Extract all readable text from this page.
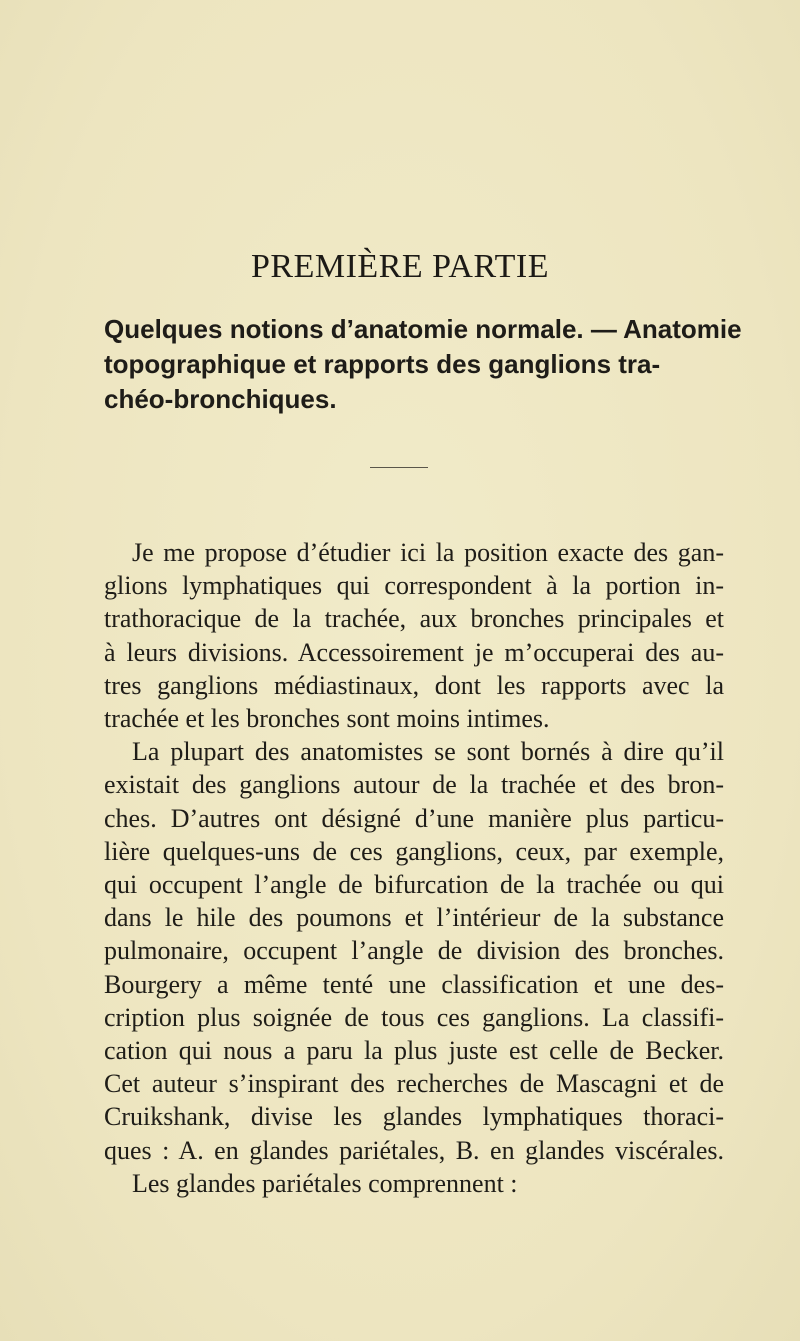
PREMIÈRE PARTIE
Quelques notions d’anatomie normale. — Anatomie
topographique et rapports des ganglions tra-
chéo-bronchiques.
Je me propose d’étudier ici la position exacte des gan-
glions lymphatiques qui correspondent à la portion in-
trathoracique de la trachée, aux bronches principales et
à leurs divisions. Accessoirement je m’occuperai des au-
tres ganglions médiastinaux, dont les rapports avec la
trachée et les bronches sont moins intimes.
La plupart des anatomistes se sont bornés à dire qu’il
existait des ganglions autour de la trachée et des bron-
ches. D’autres ont désigné d’une manière plus particu-
lière quelques-uns de ces ganglions, ceux, par exemple,
qui occupent l’angle de bifurcation de la trachée ou qui
dans le hile des poumons et l’intérieur de la substance
pulmonaire, occupent l’angle de division des bronches.
Bourgery a même tenté une classification et une des-
cription plus soignée de tous ces ganglions. La classifi-
cation qui nous a paru la plus juste est celle de Becker.
Cet auteur s’inspirant des recherches de Mascagni et de
Cruikshank, divise les glandes lymphatiques thoraci-
ques : A. en glandes pariétales, B. en glandes viscérales.
Les glandes pariétales comprennent :
